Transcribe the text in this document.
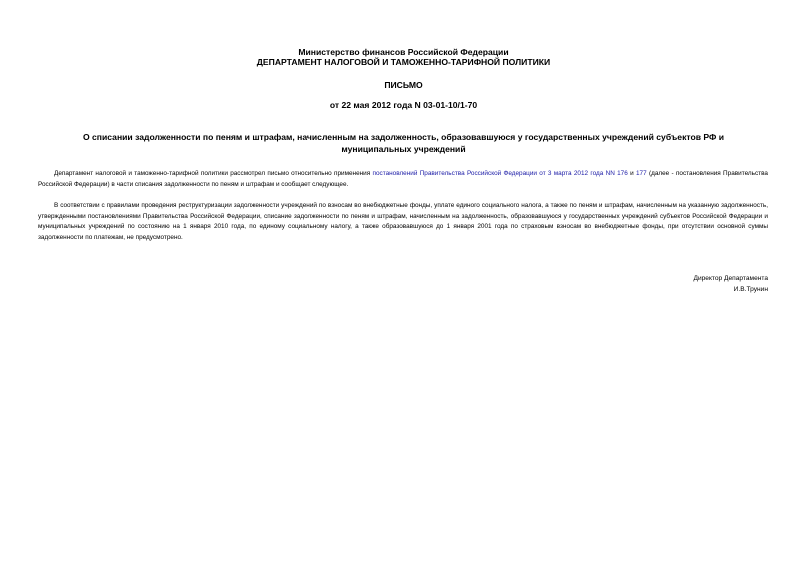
Министерство финансов Российской Федерации
ДЕПАРТАМЕНТ НАЛОГОВОЙ И ТАМОЖЕННО-ТАРИФНОЙ ПОЛИТИКИ
ПИСЬМО
от 22 мая 2012 года N 03-01-10/1-70
О списании задолженности по пеням и штрафам, начисленным на задолженность, образовавшуюся у государственных учреждений субъектов РФ и муниципальных учреждений
Департамент налоговой и таможенно-тарифной политики рассмотрел письмо относительно применения постановлений Правительства Российской Федерации от 3 марта 2012 года NN 176 и 177 (далее - постановления Правительства Российской Федерации) в части списания задолженности по пеням и штрафам и сообщает следующее.
В соответствии с правилами проведения реструктуризации задолженности учреждений по взносам во внебюджетные фонды, уплате единого социального налога, а также по пеням и штрафам, начисленным на указанную задолженность, утвержденными постановлениями Правительства Российской Федерации, списание задолженности по пеням и штрафам, начисленным на задолженность, образовавшуюся у государственных учреждений субъектов Российской Федерации и муниципальных учреждений по состоянию на 1 января 2010 года, по единому социальному налогу, а также образовавшуюся до 1 января 2001 года по страховым взносам во внебюджетные фонды, при отсутствии основной суммы задолженности по платежам, не предусмотрено.
Директор Департамента
И.В.Трунин
